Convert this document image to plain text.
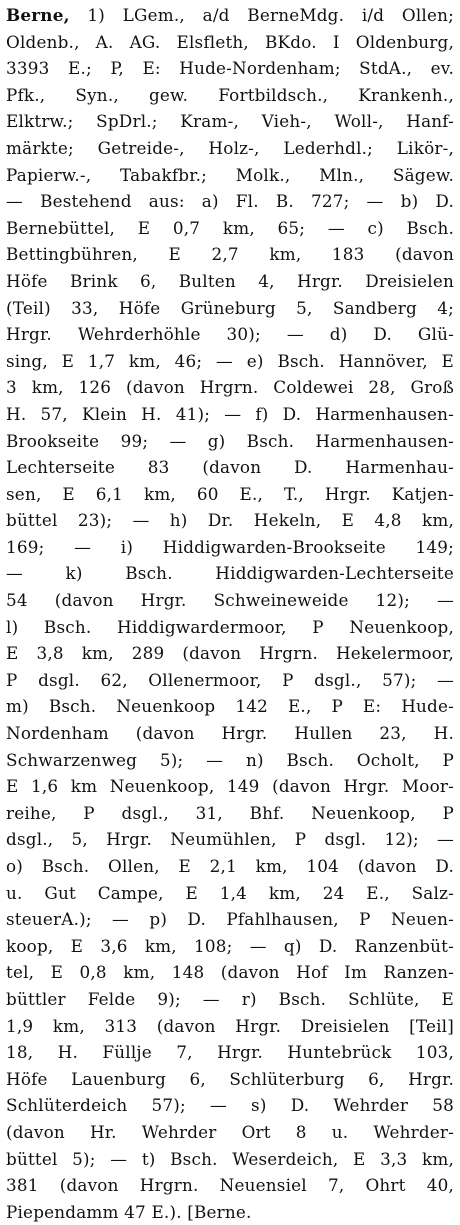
Berne, 1) LGem., a/d BerneMdg. i/d Ollen;
Oldenb., A. AG. Elsfleth, BKdo. I Oldenburg,
3393 E.; P, E: Hude-Nordenham; StdA., ev.
Pfk., Syn., gew. Fortbildsch., Krankenh.,
Elktrw.; SpDrl.; Kram-, Vieh-, Woll-, Hanf-
märkte; Getreide-, Holz-, Lederhdl.; Likör-,
Papierw.-, Tabakfbr.; Molk., Mln., Sägew.
— Bestehend aus: a) Fl. B. 727; — b) D.
Bernebüttel, E 0,7 km, 65; — c) Bsch.
Bettingbühren, E 2,7 km, 183 (davon
Höfe Brink 6, Bulten 4, Hrgr. Dreisielen
(Teil) 33, Höfe Grüneburg 5, Sandberg 4;
Hrgr. Wehrderhöhle 30); — d) D. Glü-
sing, E 1,7 km, 46; — e) Bsch. Hannöver, E
3 km, 126 (davon Hrgrn. Coldewei 28, Groß
H. 57, Klein H. 41); — f) D. Harmenhausen-
Brookseite 99; — g) Bsch. Harmenhausen-
Lechterseite 83 (davon D. Harmenhau-
sen, E 6,1 km, 60 E., T., Hrgr. Katjen-
büttel 23); — h) Dr. Hekeln, E 4,8 km,
169; — i) Hiddigwarden-Brookseite 149;
— k) Bsch. Hiddigwarden-Lechterseite
54 (davon Hrgr. Schweineweide 12); —
l) Bsch. Hiddigwardermoor, P Neuenkoop,
E 3,8 km, 289 (davon Hrgrn. Hekelermoor,
P dsgl. 62, Ollenermoor, P dsgl., 57); —
m) Bsch. Neuenkoop 142 E., P E: Hude-
Nordenham (davon Hrgr. Hullen 23, H.
Schwarzenweg 5); — n) Bsch. Ocholt, P
E 1,6 km Neuenkoop, 149 (davon Hrgr. Moor-
reihe, P dsgl., 31, Bhf. Neuenkoop, P
dsgl., 5, Hrgr. Neumühlen, P dsgl. 12); —
o) Bsch. Ollen, E 2,1 km, 104 (davon D.
u. Gut Campe, E 1,4 km, 24 E., Salz-
steuerA.); — p) D. Pfahlhausen, P Neuen-
koop, E 3,6 km, 108; — q) D. Ranzenbüt-
tel, E 0,8 km, 148 (davon Hof Im Ranzen-
büttler Felde 9); — r) Bsch. Schlüte, E
1,9 km, 313 (davon Hrgr. Dreisielen [Teil]
18, H. Füllje 7, Hrgr. Huntebrück 103,
Höfe Lauenburg 6, Schlüterburg 6, Hrgr.
Schlüterdeich 57); — s) D. Wehrder 58
(davon Hr. Wehrder Ort 8 u. Wehrder-
büttel 5); — t) Bsch. Weserdeich, E 3,3 km,
381 (davon Hrgrn. Neuensiel 7, Ohrt 40,
Piependamm 47 E.). [Berne.
